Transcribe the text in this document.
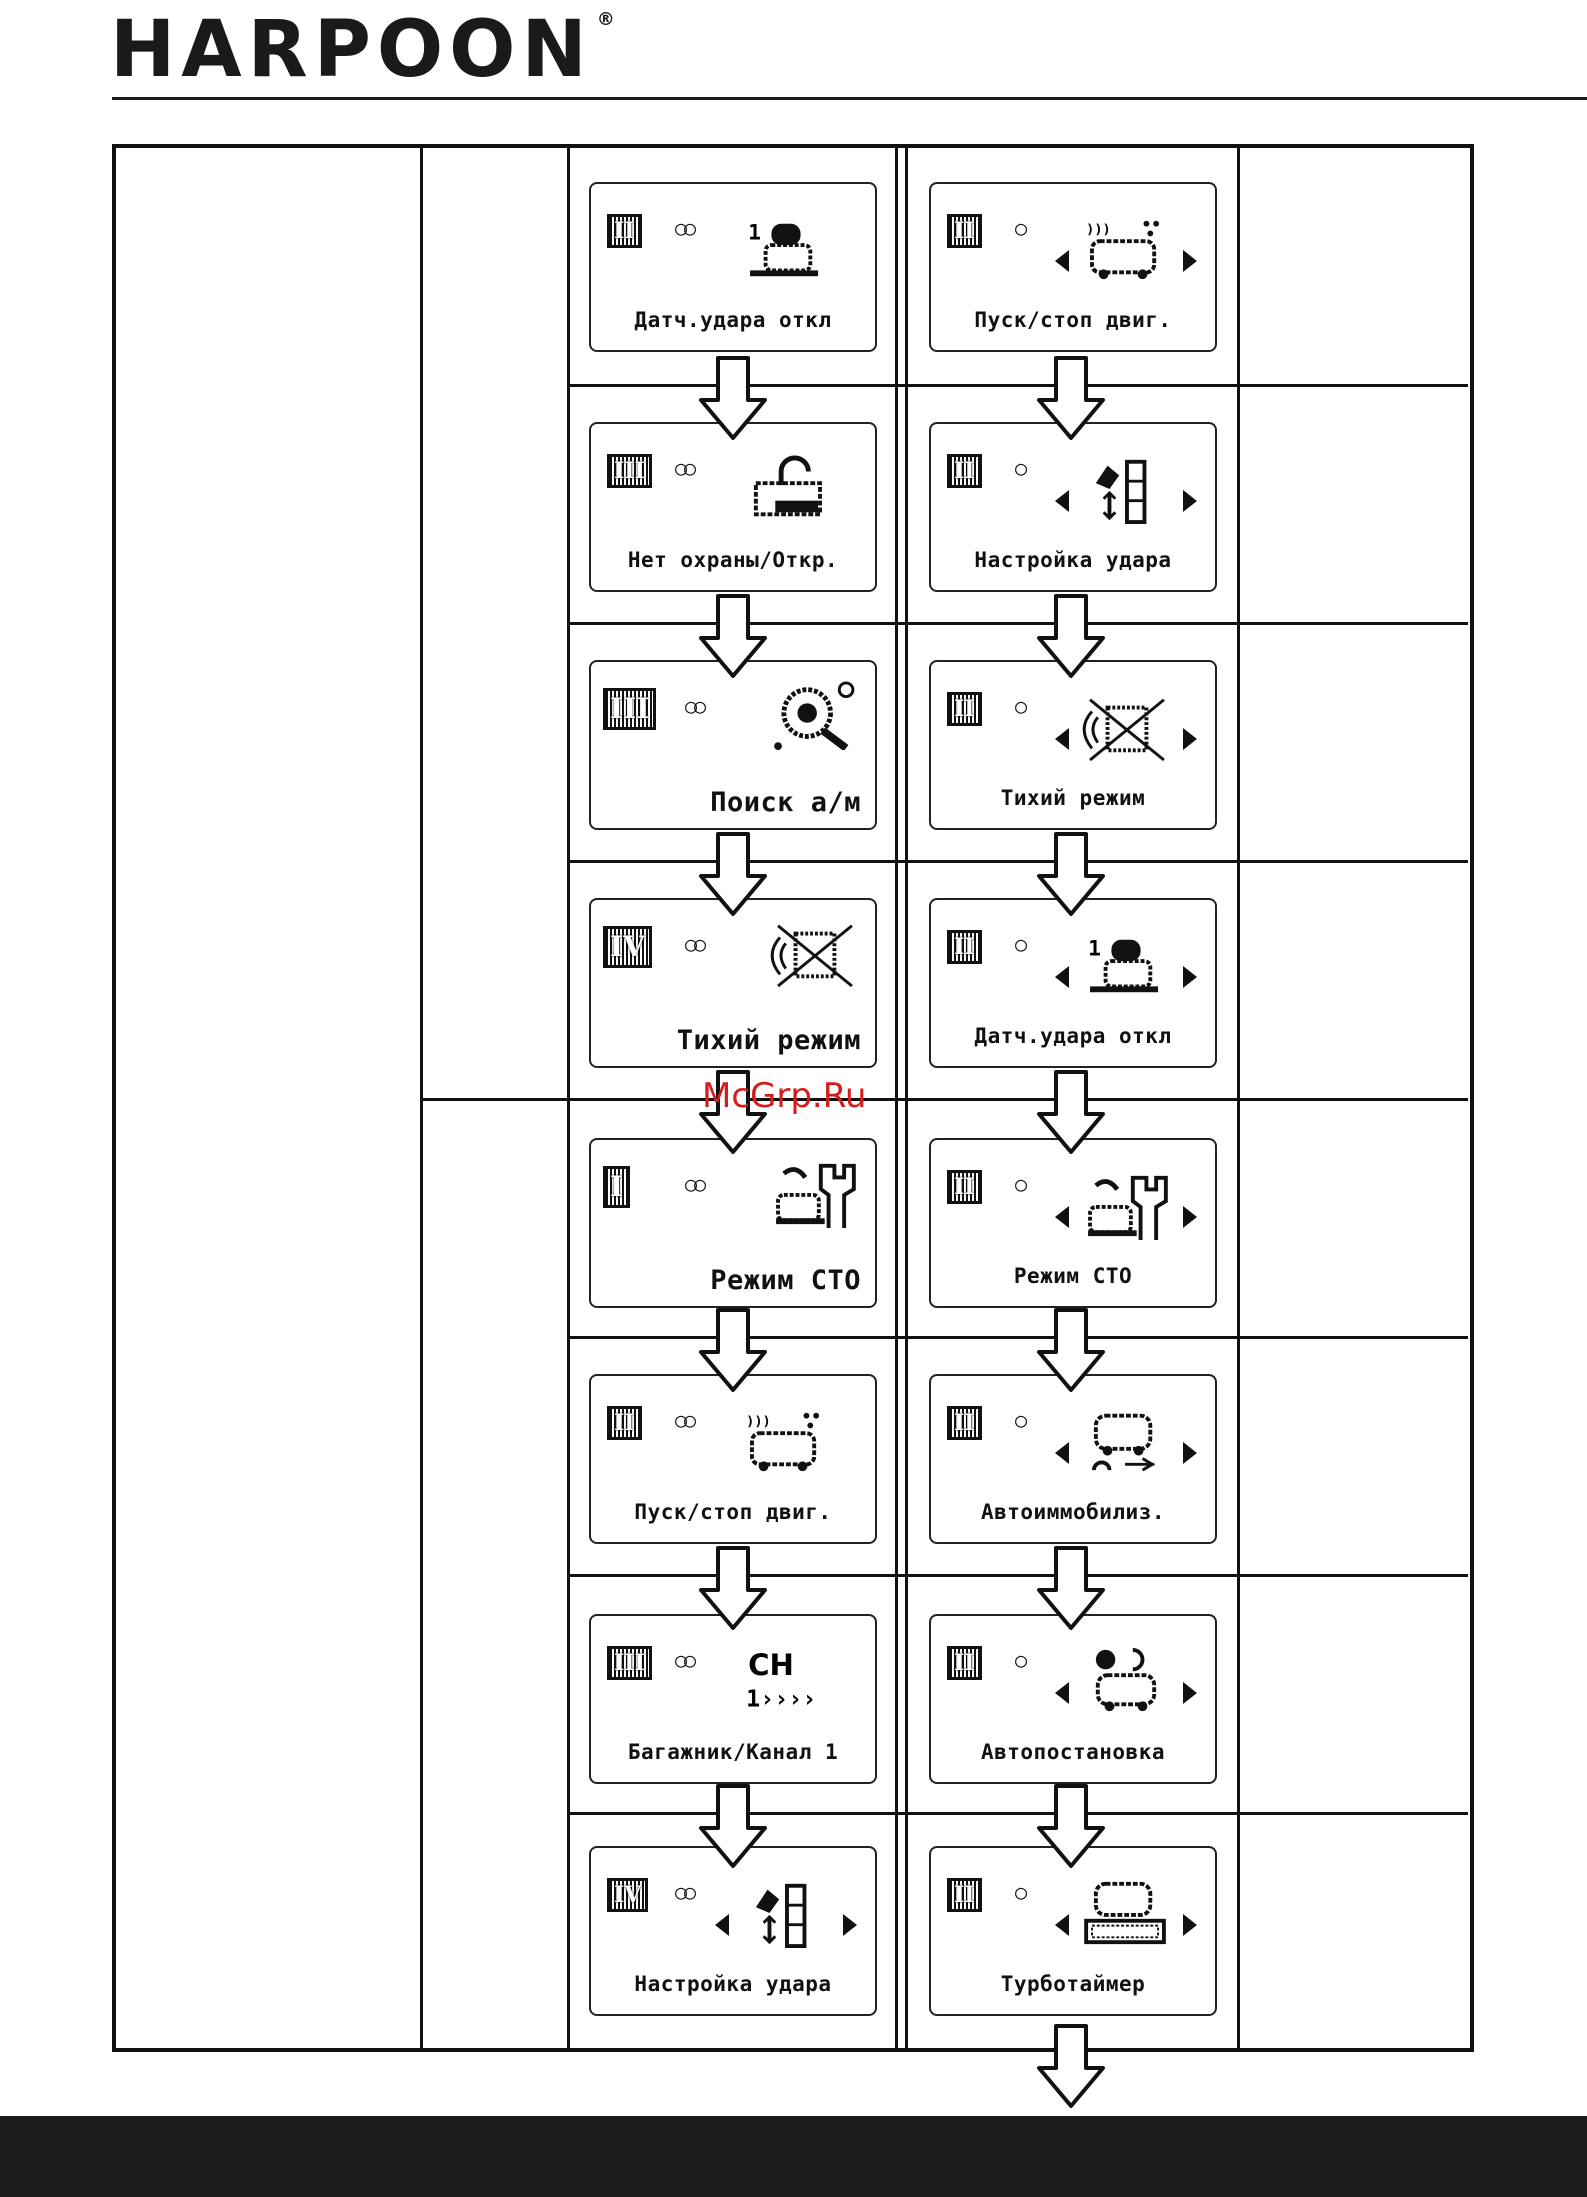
HARPOON ®
II	○○ 1
Датч.удара откл
III	○○
Нет охраны/Откр.
III	○○
Поиск а/м
IV	○○
Тихий режим
I	○○
Режим СТО
II	○○	)))
Пуск/стоп двиг.
III	○○ CH
1››››
Багажник/Канал 1
IV	○○
Настройка удара
II	○	)))
Пуск/стоп двиг.
II	○
Настройка удара
II	○
Тихий режим
II	○	1
Датч.удара откл
II	○
Режим СТО
II	○
Автоиммобилиз.
II	○
Автопостановка
II	○
Турботаймер
McGrp.Ru
